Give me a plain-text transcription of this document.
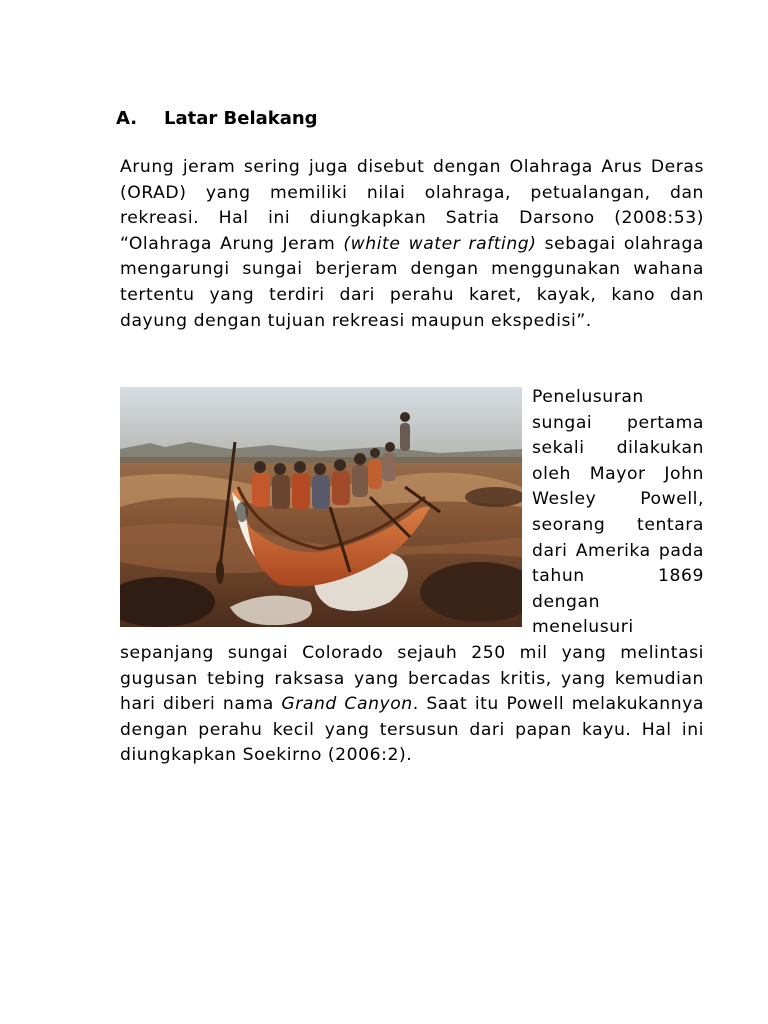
A. Latar Belakang

Arung jeram sering juga disebut dengan Olahraga Arus Deras (ORAD) yang memiliki nilai olahraga, petualangan, dan rekreasi. Hal ini diungkapkan Satria Darsono (2008:53) “Olahraga Arung Jeram (white water rafting) sebagai olahraga mengarungi sungai berjeram dengan menggunakan wahana tertentu yang terdiri dari perahu karet, kayak, kano dan dayung dengan tujuan rekreasi maupun ekspedisi”.

Penelusuran sungai pertama sekali dilakukan oleh Mayor John Wesley Powell, seorang tentara dari Amerika pada tahun 1869 dengan menelusuri sepanjang sungai Colorado sejauh 250 mil yang melintasi gugusan tebing raksasa yang bercadas kritis, yang kemudian hari diberi nama Grand Canyon. Saat itu Powell melakukannya dengan perahu kecil yang tersusun dari papan kayu. Hal ini diungkapkan Soekirno (2006:2).
